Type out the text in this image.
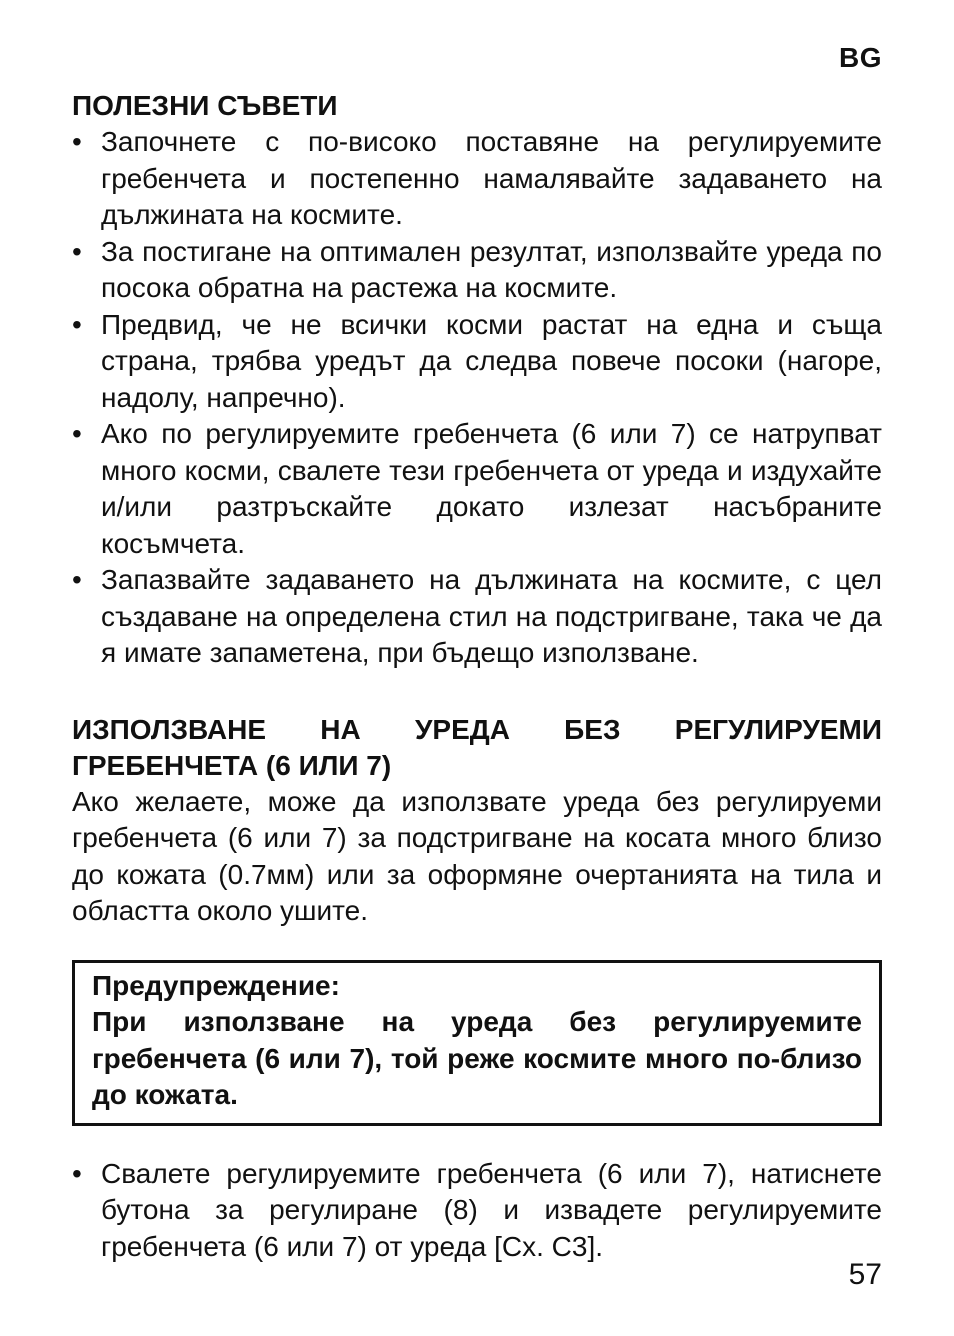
BG
ПОЛЕЗНИ СЪВЕТИ
• Започнете с по-високо поставяне на регулируемите гребенчета и постепенно намалявайте задаването на дължината на космите.
• За постигане на оптимален резултат, използвайте уреда по посока обратна на растежа на космите.
• Предвид, че не всички косми растат на една и съща страна, трябва уредът да следва повече посоки (нагоре, надолу, напречно).
• Ако по регулируемите гребенчета (6 или 7) се натрупват много косми, свалете тези гребенчета от уреда и издухайте и/или разтръскайте докато излезат насъбраните косъмчета.
• Запазвайте задаването на дължината на космите, с цел създаване на определена стил на подстригване, така че да я имате запаметена, при бъдещо използване.
ИЗПОЛЗВАНЕ НА УРЕДА БЕЗ РЕГУЛИРУЕМИ ГРЕБЕНЧЕТА (6 ИЛИ 7)

Ако желаете, може да използвате уреда без регулируеми гребенчета (6 или 7) за подстригване на косата много близо до кожата (0.7мм) или за оформяне очертанията на тила и областта около ушите.

Предупреждение:
При използване на уреда без регулируемите гребенчета (6 или 7), той реже космите много по-близо до кожата.
• Свалете регулируемите гребенчета (6 или 7), натиснете бутона за регулиране (8) и извадете регулируемите гребенчета (6 или 7) от уреда [Сх. С3].
57
